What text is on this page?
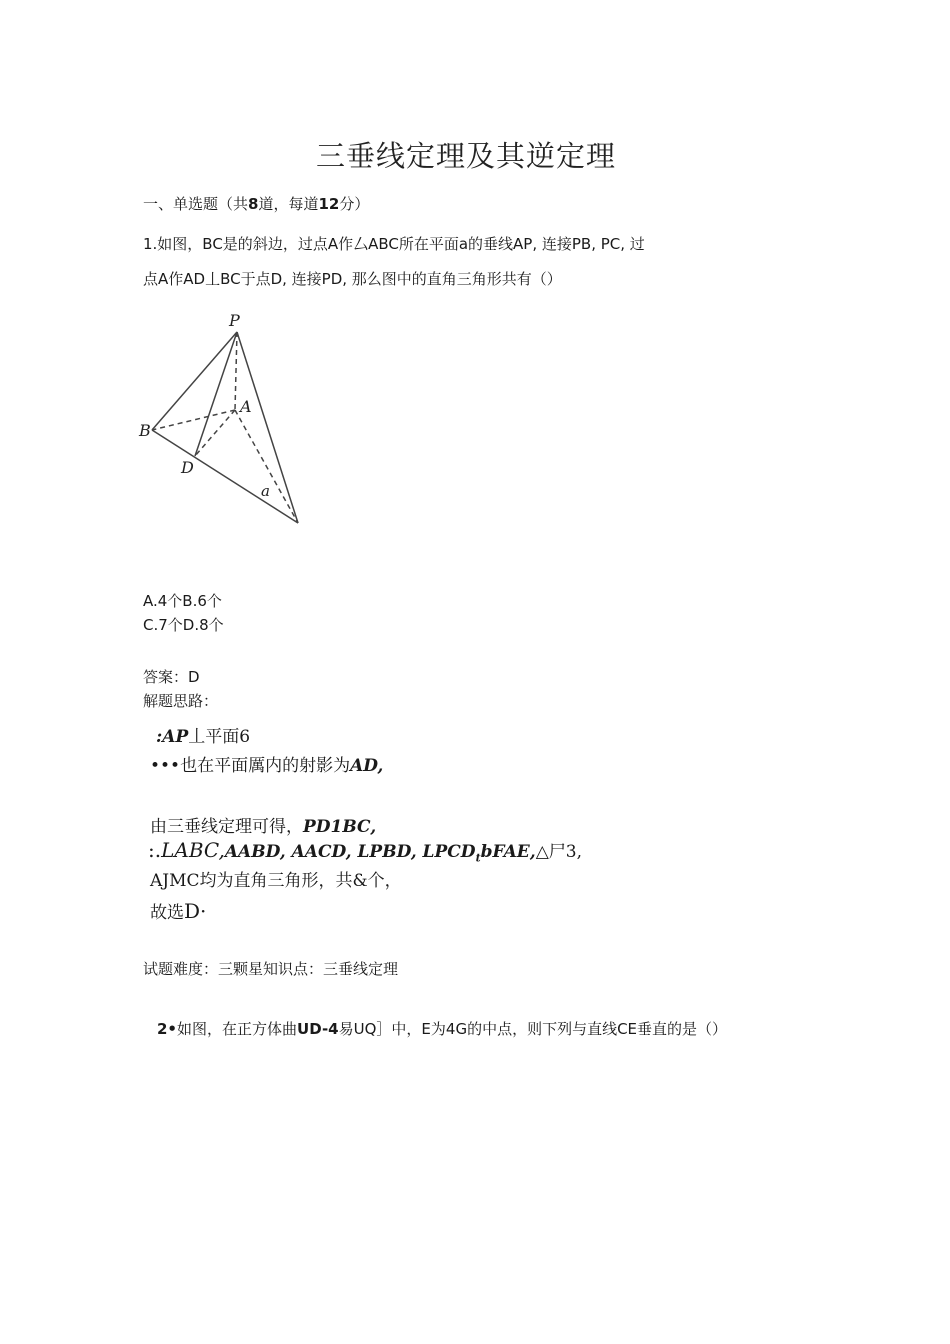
三垂线定理及其逆定理
一、单选题（共8道，每道12分）
1.如图，BC是的斜边，过点A作厶ABC所在平面a的垂线AP, 连接PB, PC, 过
点A作AD丄BC于点D, 连接PD, 那么图中的直角三角形共有（）
P
A
B
D
a
A.4个B.6个
C.7个D.8个
答案：D
解题思路：
:AP丄平面6
•••也在平面厲内的射影为AD,
由三垂线定理可得，PD1BC,
:.LABC,AABD, AACD, LPBD, $LPCD_tbFAE,\triangle$尸3,
AJMC均为直角三角形，共&个，
故选D·
试题难度：三颗星知识点：三垂线定理
2•如图，在正方体曲UD-4易UQ］中，E为4G的中点，则下列与直线CE垂直的是（）
